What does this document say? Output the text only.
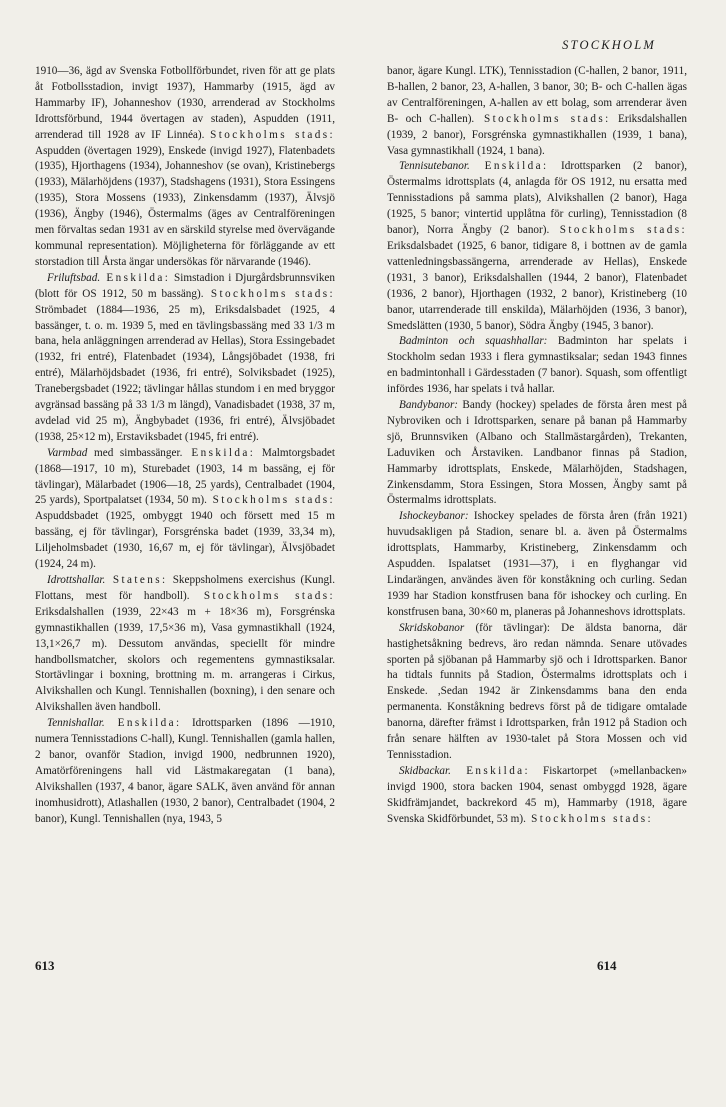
STOCKHOLM

1910—36, ägd av Svenska Fotbollförbundet, riven för att ge plats åt Fotbollsstadion, invigt 1937), Hammarby (1915, ägd av Hammarby IF), Johanneshov (1930, arrenderad av Stockholms Idrottsförbund, 1944 övertagen av staden), Aspudden (1911, arrenderad till 1928 av IF Linnéa). Stockholms stads: Aspudden (övertagen 1929), Enskede (invigd 1927), Flatenbadets (1935), Hjorthagens (1934), Johanneshov (se ovan), Kristinebergs (1933), Mälarhöjdens (1937), Stadshagens (1931), Stora Essingens (1935), Stora Mossens (1933), Zinkensdamm (1937), Älvsjö (1936), Ängby (1946), Östermalms (äges av Centralföreningen men förvaltas sedan 1931 av en särskild styrelse med övervägande kommunal representation). Möjligheterna för förläggande av ett storstadion till Årsta ängar undersökas för närvarande (1946).

Friluftsbad. Enskilda: Simstadion i Djurgårdsbrunnsviken (blott för OS 1912, 50 m bassäng). Stockholms stads: Strömbadet (1884—1936, 25 m), Eriksdalsbadet (1925, 4 bassänger, t. o. m. 1939 5, med en tävlingsbassäng med 33 1/3 m bana, hela anläggningen arrenderad av Hellas), Stora Essingebadet (1932, fri entré), Flatenbadet (1934), Långsjöbadet (1938, fri entré), Mälarhöjdsbadet (1936, fri entré), Solviksbadet (1925), Tranebergsbadet (1922; tävlingar hållas stundom i en med bryggor avgränsad bassäng på 33 1/3 m längd), Vanadisbadet (1938, 37 m, avdelad vid 25 m), Ängbybadet (1936, fri entré), Älvsjöbadet (1938, 25×12 m), Erstaviksbadet (1945, fri entré).

Varmbad med simbassänger. Enskilda: Malmtorgsbadet (1868—1917, 10 m), Sturebadet (1903, 14 m bassäng, ej för tävlingar), Mälarbadet (1906—18, 25 yards), Centralbadet (1904, 25 yards), Sportpalatset (1934, 50 m). Stockholms stads: Aspuddsbadet (1925, ombyggt 1940 och försett med 15 m bassäng, ej för tävlingar), Forsgrénska badet (1939, 33,34 m), Liljeholmsbadet (1930, 16,67 m, ej för tävlingar), Älvsjöbadet (1924, 24 m).

Idrottshallar. Statens: Skeppsholmens exercishus (Kungl. Flottans, mest för handboll). Stockholms stads: Eriksdalshallen (1939, 22×43 m + 18×36 m), Forsgrénska gymnastikhallen (1939, 17,5×36 m), Vasa gymnastikhall (1924, 13,1×26,7 m). Dessutom användas, speciellt för mindre handbollsmatcher, skolors och regementens gymnastiksalar. Stortävlingar i boxning, brottning m. m. arrangeras i Cirkus, Alvikshallen och Kungl. Tennishallen (boxning), i den senare och Alvikshallen även handboll.

Tennishallar. Enskilda: Idrottsparken (1896 —1910, numera Tennisstadions C-hall), Kungl. Tennishallen (gamla hallen, 2 banor, ovanför Stadion, invigd 1900, nedbrunnen 1920), Amatörföreningens hall vid Lästmakaregatan (1 bana), Alvikshallen (1937, 4 banor, ägare SALK, även använd för annan inomhusidrott), Atlashallen (1930, 2 banor), Centralbadet (1904, 2 banor), Kungl. Tennishallen (nya, 1943, 5

banor, ägare Kungl. LTK), Tennisstadion (C-hallen, 2 banor, 1911, B-hallen, 2 banor, 23, A-hallen, 3 banor, 30; B- och C-hallen ägas av Centralföreningen, A-hallen av ett bolag, som arrenderar även B- och C-hallen). Stockholms stads: Eriksdalshallen (1939, 2 banor), Forsgrénska gymnastikhallen (1939, 1 bana), Vasa gymnastikhall (1924, 1 bana).

Tennisutebanor. Enskilda: Idrottsparken (2 banor), Östermalms idrottsplats (4, anlagda för OS 1912, nu ersatta med Tennisstadions på samma plats), Alvikshallen (2 banor), Haga (1925, 5 banor; vintertid upplåtna för curling), Tennisstadion (8 banor), Norra Ängby (2 banor). Stockholms stads: Eriksdalsbadet (1925, 6 banor, tidigare 8, i bottnen av de gamla vattenledningsbassängerna, arrenderade av Hellas), Enskede (1931, 3 banor), Eriksdalshallen (1944, 2 banor), Flatenbadet (1936, 2 banor), Hjorthagen (1932, 2 banor), Kristineberg (10 banor, utarrenderade till enskilda), Mälarhöjden (1936, 3 banor), Smedslätten (1930, 5 banor), Södra Ängby (1945, 3 banor).

Badminton och squashhallar: Badminton har spelats i Stockholm sedan 1933 i flera gymnastiksalar; sedan 1943 finnes en badmintonhall i Gärdesstaden (7 banor). Squash, som offentligt infördes 1936, har spelats i två hallar.

Bandybanor: Bandy (hockey) spelades de första åren mest på Nybroviken och i Idrottsparken, senare på banan på Hammarby sjö, Brunnsviken (Albano och Stallmästargården), Trekanten, Laduviken och Årstaviken. Landbanor finnas på Stadion, Hammarby idrottsplats, Enskede, Mälarhöjden, Stadshagen, Zinkensdamm, Stora Essingen, Stora Mossen, Ängby samt på Östermalms idrottsplats.

Ishockeybanor: Ishockey spelades de första åren (från 1921) huvudsakligen på Stadion, senare bl. a. även på Östermalms idrottsplats, Hammarby, Kristineberg, Zinkensdamm och Aspudden. Ispalatset (1931—37), i en flyghangar vid Lindarängen, användes även för konståkning och curling. Sedan 1939 har Stadion konstfrusen bana för ishockey och curling. En konstfrusen bana, 30×60 m, planeras på Johanneshovs idrottsplats.

Skridskobanor (för tävlingar): De äldsta banorna, där hastighetsåkning bedrevs, äro redan nämnda. Senare utövades sporten på sjöbanan på Hammarby sjö och i Idrottsparken. Banor ha tidtals funnits på Stadion, Östermalms idrottsplats och i Enskede. ,Sedan 1942 är Zinkensdamms bana den enda permanenta. Konståkning bedrevs först på de tidigare omtalade banorna, därefter främst i Idrottsparken, från 1912 på Stadion och från senare hälften av 1930-talet på Stora Mossen och vid Tennisstadion.

Skidbackar. Enskilda: Fiskartorpet (»mellanbacken» invigd 1900, stora backen 1904, senast ombyggd 1928, ägare Skidfrämjandet, backrekord 45 m), Hammarby (1918, ägare Svenska Skidförbundet, 53 m). Stockholms stads:

613	614
